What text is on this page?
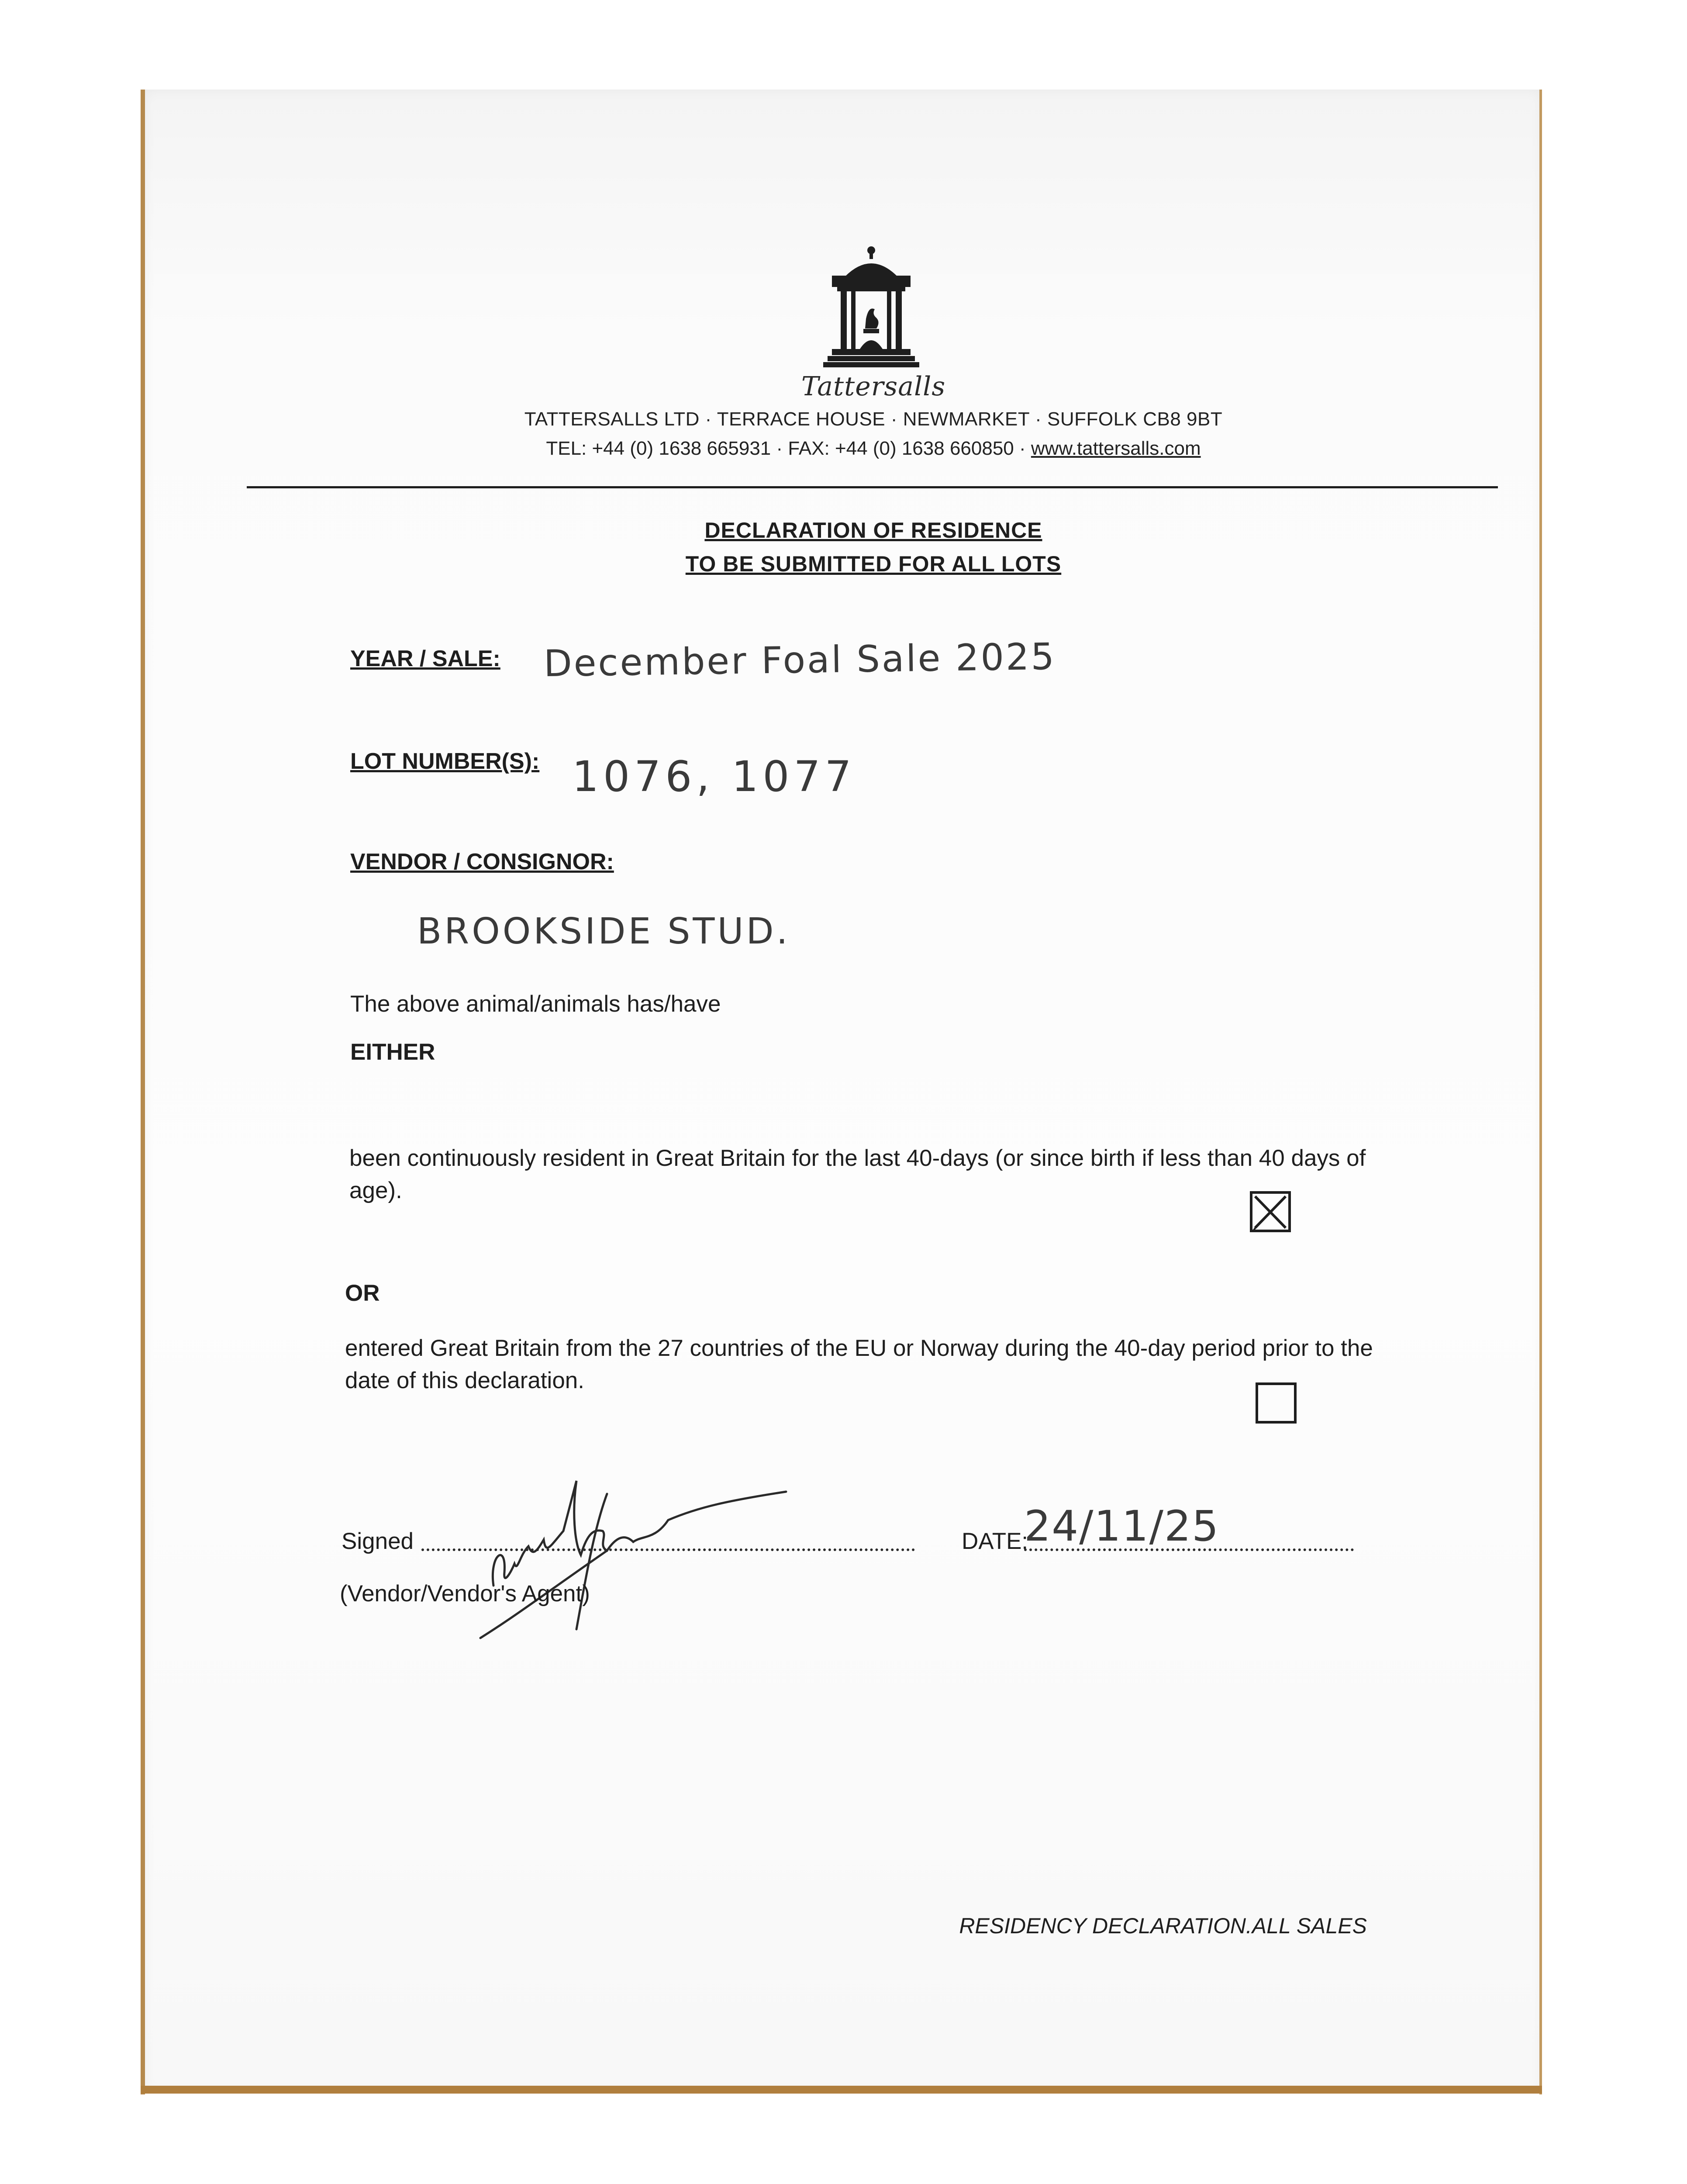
Tattersalls
TATTERSALLS LTD · TERRACE HOUSE · NEWMARKET · SUFFOLK CB8 9BT
TEL: +44 (0) 1638 665931 · FAX: +44 (0) 1638 660850 · www.tattersalls.com
DECLARATION OF RESIDENCE
TO BE SUBMITTED FOR ALL LOTS
YEAR / SALE: December Foal Sale 2025
LOT NUMBER(S): 1076, 1077
VENDOR / CONSIGNOR:
BROOKSIDE STUD.
The above animal/animals has/have
EITHER
been continuously resident in Great Britain for the last 40-days (or since birth if less than 40 days of age).
OR
entered Great Britain from the 27 countries of the EU or Norway during the 40-day period prior to the date of this declaration.
Signed
(Vendor/Vendor's Agent)
DATE:
24/11/25
RESIDENCY DECLARATION.ALL SALES
